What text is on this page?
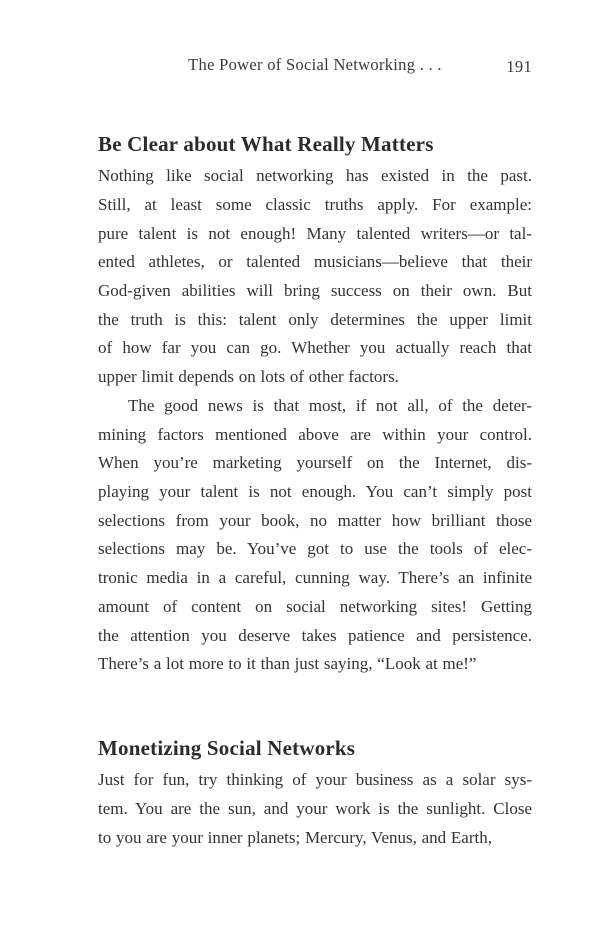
The Power of Social Networking . . .	191
Be Clear about What Really Matters
Nothing like social networking has existed in the past.
Still, at least some classic truths apply. For example:
pure talent is not enough! Many talented writers—or tal-
ented athletes, or talented musicians—believe that their
God-given abilities will bring success on their own. But
the truth is this: talent only determines the upper limit
of how far you can go. Whether you actually reach that
upper limit depends on lots of other factors.
The good news is that most, if not all, of the deter-
mining factors mentioned above are within your control.
When you’re marketing yourself on the Internet, dis-
playing your talent is not enough. You can’t simply post
selections from your book, no matter how brilliant those
selections may be. You’ve got to use the tools of elec-
tronic media in a careful, cunning way. There’s an infinite
amount of content on social networking sites! Getting
the attention you deserve takes patience and persistence.
There’s a lot more to it than just saying, “Look at me!”
Monetizing Social Networks
Just for fun, try thinking of your business as a solar sys-
tem. You are the sun, and your work is the sunlight. Close
to you are your inner planets; Mercury, Venus, and Earth,
